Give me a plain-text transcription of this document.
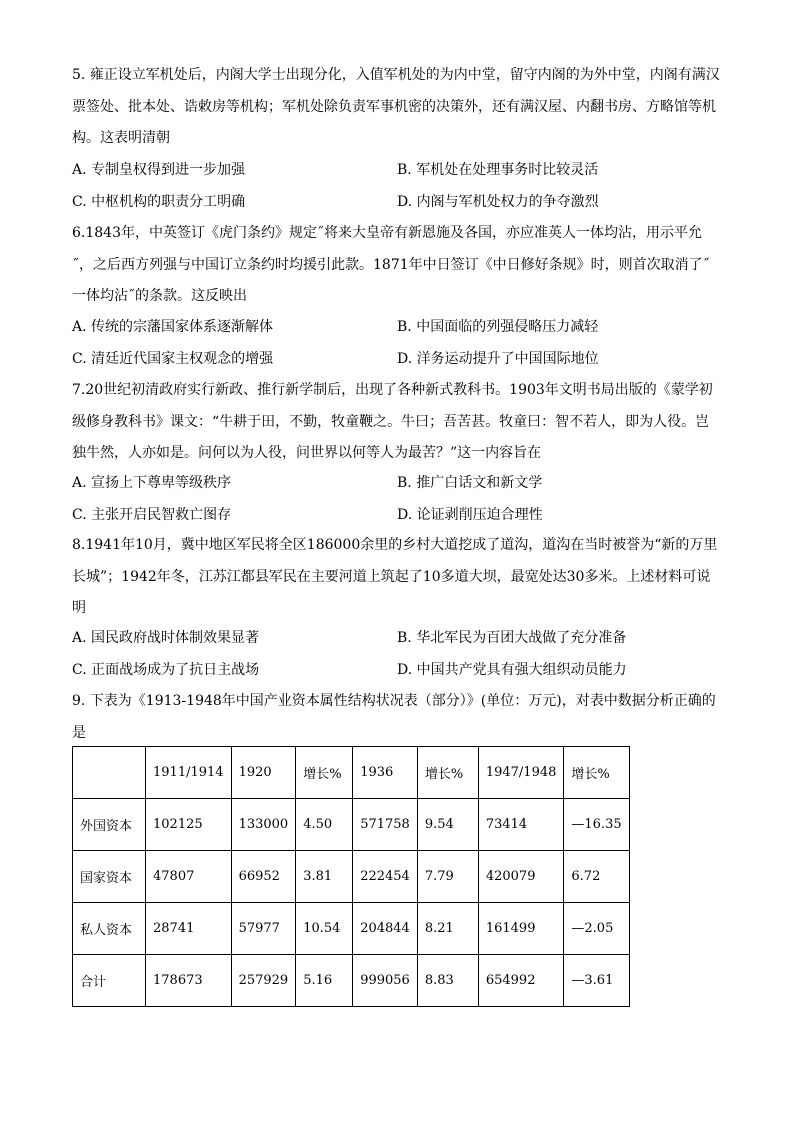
5. 雍正设立军机处后，内阁大学士出现分化，入值军机处的为内中堂，留守内阁的为外中堂，内阁有满汉票签处、批本处、诰敕房等机构；军机处除负责军事机密的决策外，还有满汉屋、内翻书房、方略馆等机构。这表明清朝

A. 专制皇权得到进一步加强	B. 军机处在处理事务时比较灵活
C. 中枢机构的职责分工明确	D. 内阁与军机处权力的争夺激烈

6.1843年，中英签订《虎门条约》规定˝将来大皇帝有新恩施及各国，亦应准英人一体均沾，用示平允˝，之后西方列强与中国订立条约时均援引此款。1871年中日签订《中日修好条规》时，则首次取消了˝一体均沾˝的条款。这反映出

A. 传统的宗藩国家体系逐渐解体	B. 中国面临的列强侵略压力减轻
C. 清廷近代国家主权观念的增强	D. 洋务运动提升了中国国际地位

7.20世纪初清政府实行新政、推行新学制后，出现了各种新式教科书。1903年文明书局出版的《蒙学初级修身教科书》课文：“牛耕于田，不勤，牧童鞭之。牛曰；吾苦甚。牧童曰：智不若人，即为人役。岂独牛然，人亦如是。问何以为人役，问世界以何等人为最苦？”这一内容旨在

A. 宣扬上下尊卑等级秩序	B. 推广白话文和新文学
C. 主张开启民智救亡图存	D. 论证剥削压迫合理性

8.1941年10月，冀中地区军民将全区186000余里的乡村大道挖成了道沟，道沟在当时被誉为“新的万里长城”；1942年冬，江苏江都县军民在主要河道上筑起了10多道大坝，最宽处达30多米。上述材料可说明

A. 国民政府战时体制效果显著	B. 华北军民为百团大战做了充分准备
C. 正面战场成为了抗日主战场	D. 中国共产党具有强大组织动员能力

9. 下表为《1913-1948年中国产业资本属性结构状况表（部分）》(单位：万元)，对表中数据分析正确的是

	1911/1914	1920	增长%	1936	增长%	1947/1948	增长%
外国资本	102125	133000	4.50	571758	9.54	73414	—16.35
国家资本	47807	66952	3.81	222454	7.79	420079	6.72
私人资本	28741	57977	10.54	204844	8.21	161499	—2.05
合计	178673	257929	5.16	999056	8.83	654992	—3.61
